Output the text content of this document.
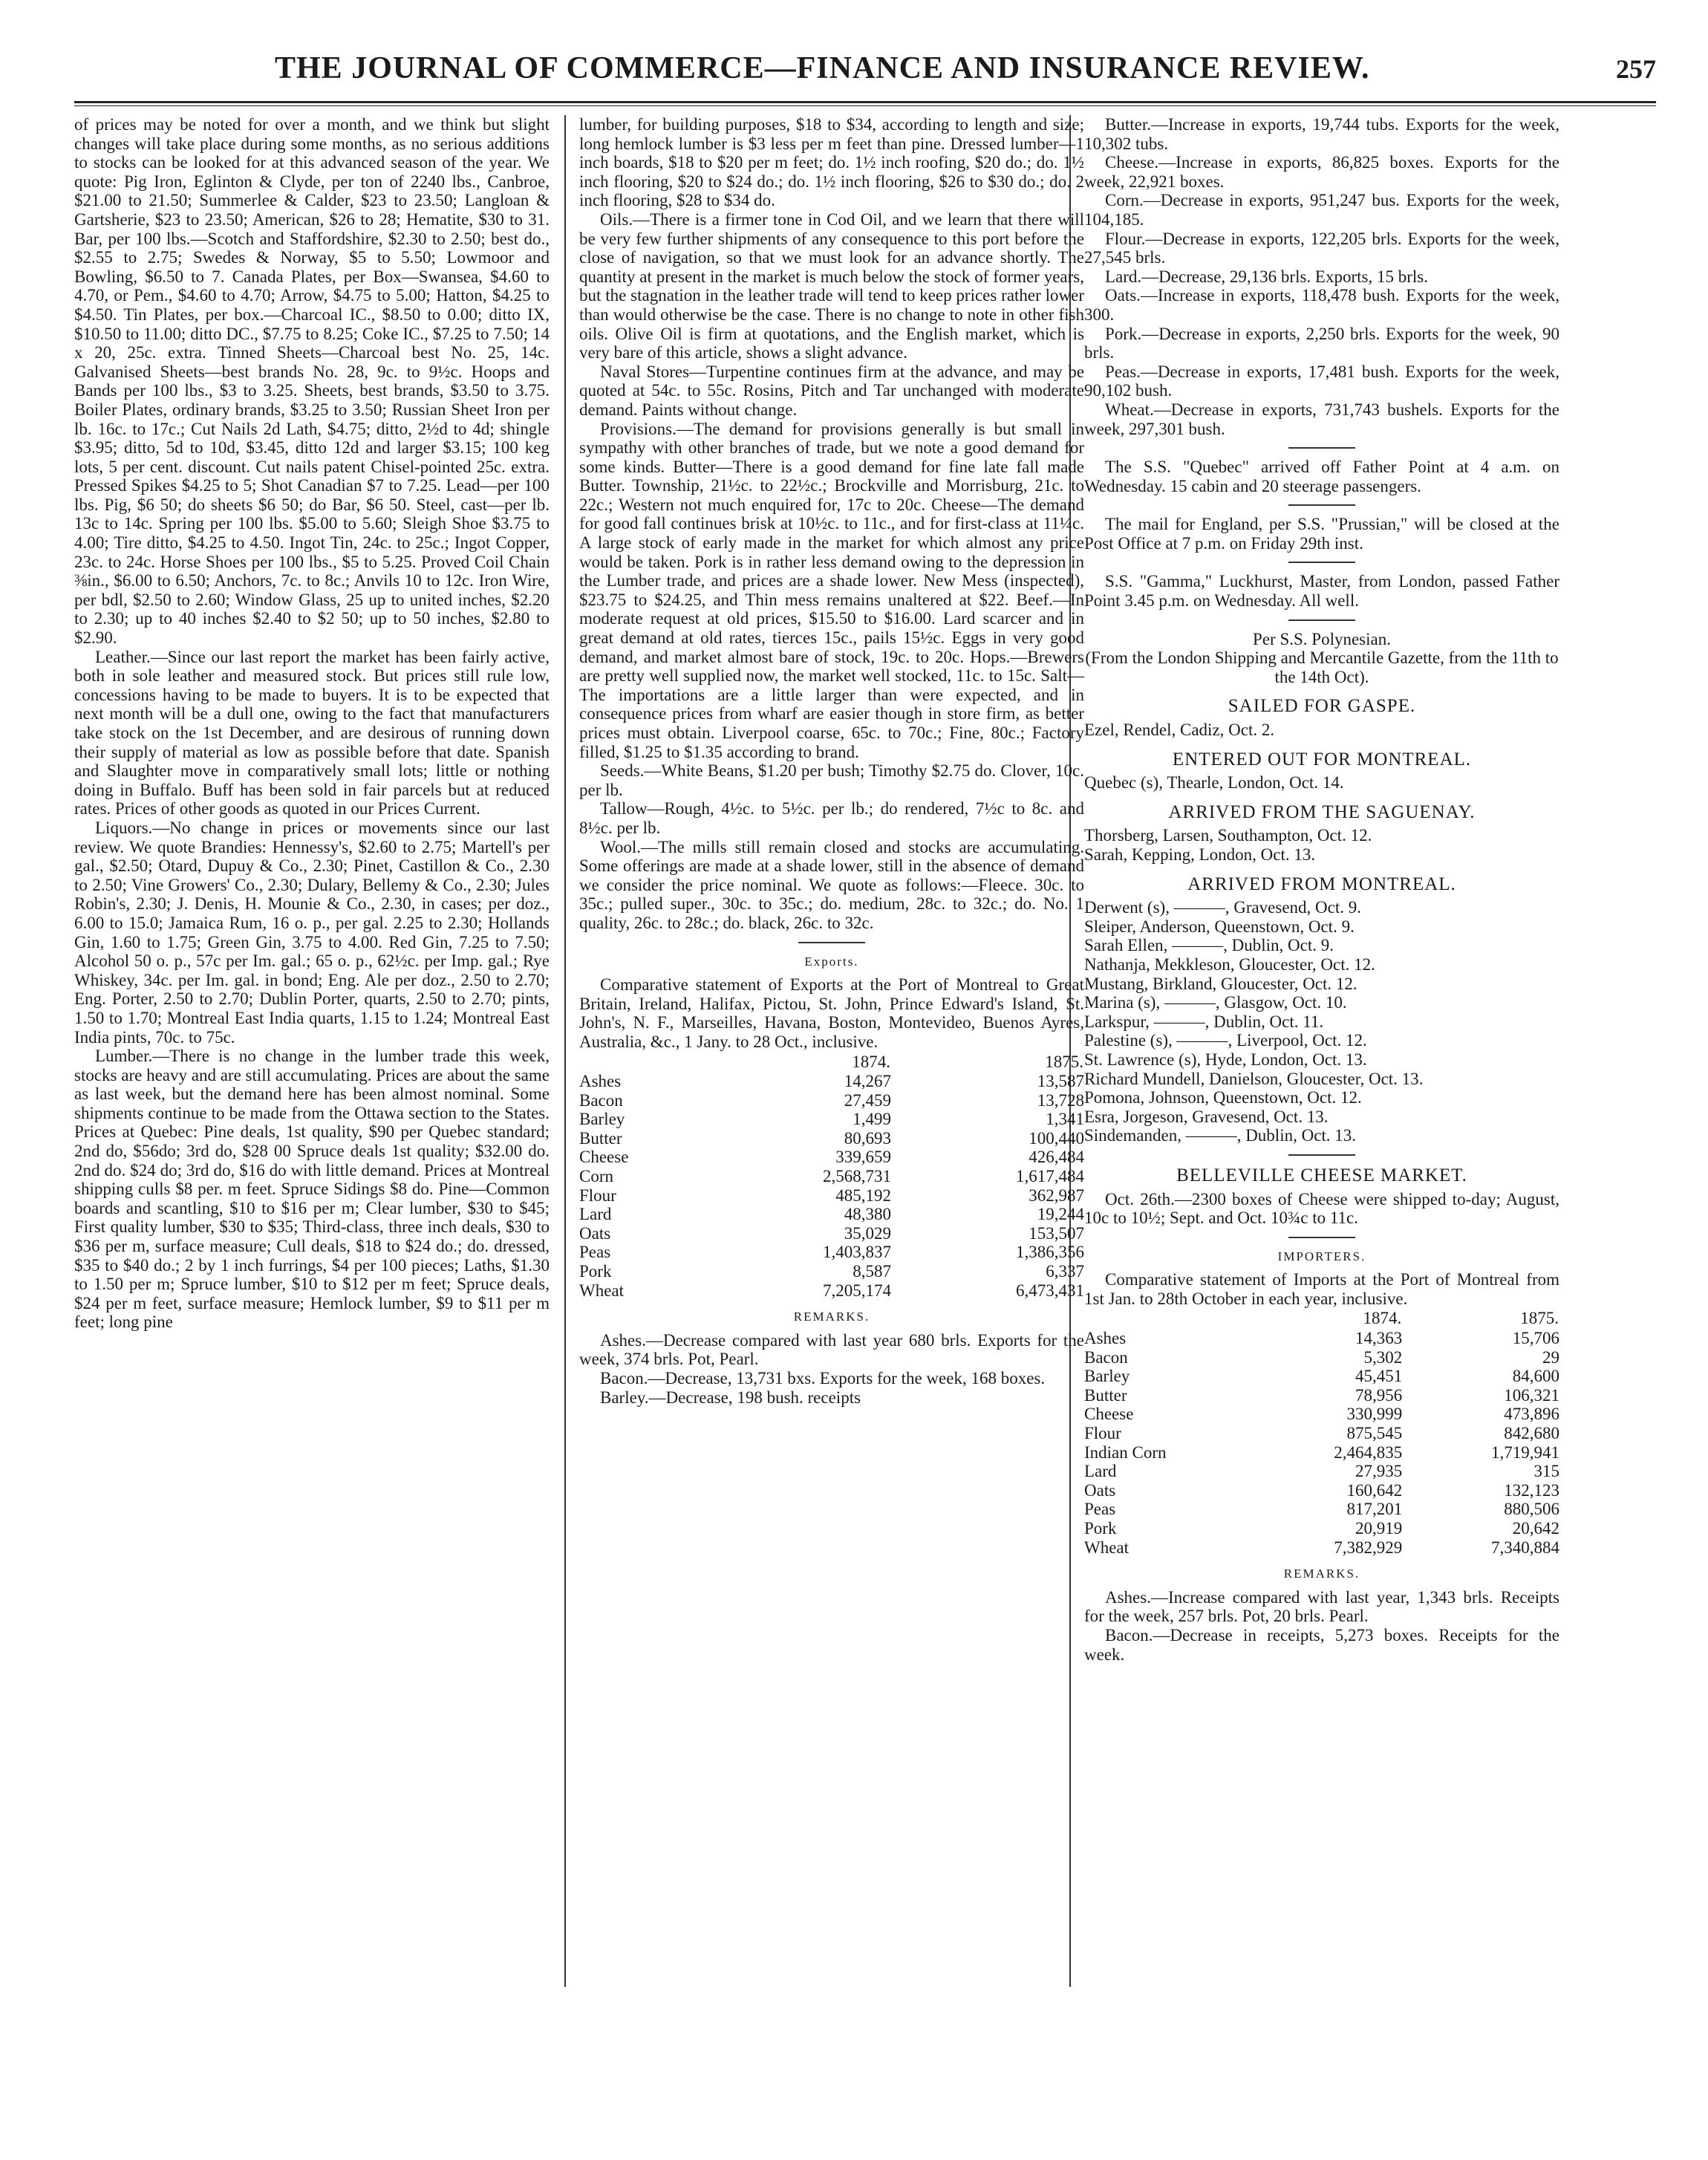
THE JOURNAL OF COMMERCE—FINANCE AND INSURANCE REVIEW.	257

of prices may be noted for over a month, and we think but slight changes will take place during some months, as no serious additions to stocks can be looked for at this advanced season of the year. We quote: Pig Iron, Eglinton & Clyde, per ton of 2240 lbs., Canbroe, $21.00 to 21.50; Summerlee & Calder, $23 to 23.50; Langloan & Gartsherie, $23 to 23.50; American, $26 to 28; Hematite, $30 to 31. Bar, per 100 lbs.—Scotch and Staffordshire, $2.30 to 2.50; best do., $2.55 to 2.75; Swedes & Norway, $5 to 5.50; Lowmoor and Bowling, $6.50 to 7. Canada Plates, per Box—Swansea, $4.60 to 4.70, or Pem., $4.60 to 4.70; Arrow, $4.75 to 5.00; Hatton, $4.25 to $4.50. Tin Plates, per box.—Charcoal IC., $8.50 to 0.00; ditto IX, $10.50 to 11.00; ditto DC., $7.75 to 8.25; Coke IC., $7.25 to 7.50; 14 x 20, 25c. extra. Tinned Sheets—Charcoal best No. 25, 14c. Galvanised Sheets—best brands No. 28, 9c. to 9½c. Hoops and Bands per 100 lbs., $3 to 3.25. Sheets, best brands, $3.50 to 3.75. Boiler Plates, ordinary brands, $3.25 to 3.50; Russian Sheet Iron per lb. 16c. to 17c.; Cut Nails 2d Lath, $4.75; ditto, 2½d to 4d; shingle $3.95; ditto, 5d to 10d, $3.45, ditto 12d and larger $3.15; 100 keg lots, 5 per cent. discount. Cut nails patent Chisel-pointed 25c. extra. Pressed Spikes $4.25 to 5; Shot Canadian $7 to 7.25. Lead—per 100 lbs. Pig, $6 50; do sheets $6 50; do Bar, $6 50. Steel, cast—per lb. 13c to 14c. Spring per 100 lbs. $5.00 to 5.60; Sleigh Shoe $3.75 to 4.00; Tire ditto, $4.25 to 4.50. Ingot Tin, 24c. to 25c.; Ingot Copper, 23c. to 24c. Horse Shoes per 100 lbs., $5 to 5.25. Proved Coil Chain ⅜in., $6.00 to 6.50; Anchors, 7c. to 8c.; Anvils 10 to 12c. Iron Wire, per bdl, $2.50 to 2.60; Window Glass, 25 up to united inches, $2.20 to 2.30; up to 40 inches $2.40 to $2 50; up to 50 inches, $2.80 to $2.90.

Leather.—Since our last report the market has been fairly active, both in sole leather and measured stock. But prices still rule low, concessions having to be made to buyers. It is to be expected that next month will be a dull one, owing to the fact that manufacturers take stock on the 1st December, and are desirous of running down their supply of material as low as possible before that date. Spanish and Slaughter move in comparatively small lots; little or nothing doing in Buffalo. Buff has been sold in fair parcels but at reduced rates. Prices of other goods as quoted in our Prices Current.

Liquors.—No change in prices or movements since our last review. We quote Brandies: Hennessy's, $2.60 to 2.75; Martell's per gal., $2.50; Otard, Dupuy & Co., 2.30; Pinet, Castillon & Co., 2.30 to 2.50; Vine Growers' Co., 2.30; Dulary, Bellemy & Co., 2.30; Jules Robin's, 2.30; J. Denis, H. Mounie & Co., 2.30, in cases; per doz., 6.00 to 15.0; Jamaica Rum, 16 o. p., per gal. 2.25 to 2.30; Hollands Gin, 1.60 to 1.75; Green Gin, 3.75 to 4.00. Red Gin, 7.25 to 7.50; Alcohol 50 o. p., 57c per Im. gal.; 65 o. p., 62½c. per Imp. gal.; Rye Whiskey, 34c. per Im. gal. in bond; Eng. Ale per doz., 2.50 to 2.70; Eng. Porter, 2.50 to 2.70; Dublin Porter, quarts, 2.50 to 2.70; pints, 1.50 to 1.70; Montreal East India quarts, 1.15 to 1.24; Montreal East India pints, 70c. to 75c.

Lumber.—There is no change in the lumber trade this week, stocks are heavy and are still accumulating. Prices are about the same as last week, but the demand here has been almost nominal. Some shipments continue to be made from the Ottawa section to the States. Prices at Quebec: Pine deals, 1st quality, $90 per Quebec standard; 2nd do, $56do; 3rd do, $28 00 Spruce deals 1st quality; $32.00 do. 2nd do. $24 do; 3rd do, $16 do with little demand. Prices at Montreal shipping culls $8 per. m feet. Spruce Sidings $8 do. Pine—Common boards and scantling, $10 to $16 per m; Clear lumber, $30 to $45; First quality lumber, $30 to $35; Third-class, three inch deals, $30 to $36 per m, surface measure; Cull deals, $18 to $24 do.; do. dressed, $35 to $40 do.; 2 by 1 inch furrings, $4 per 100 pieces; Laths, $1.30 to 1.50 per m; Spruce lumber, $10 to $12 per m feet; Spruce deals, $24 per m feet, surface measure; Hemlock lumber, $9 to $11 per m feet; long pine

lumber, for building purposes, $18 to $34, according to length and size; long hemlock lumber is $3 less per m feet than pine. Dressed lumber—1 inch boards, $18 to $20 per m feet; do. 1½ inch roofing, $20 do.; do. 1½ inch flooring, $20 to $24 do.; do. 1½ inch flooring, $26 to $30 do.; do. 2 inch flooring, $28 to $34 do.

Oils.—There is a firmer tone in Cod Oil, and we learn that there will be very few further shipments of any consequence to this port before the close of navigation, so that we must look for an advance shortly. The quantity at present in the market is much below the stock of former years, but the stagnation in the leather trade will tend to keep prices rather lower than would otherwise be the case. There is no change to note in other fish oils. Olive Oil is firm at quotations, and the English market, which is very bare of this article, shows a slight advance.

Naval Stores—Turpentine continues firm at the advance, and may be quoted at 54c. to 55c. Rosins, Pitch and Tar unchanged with moderate demand. Paints without change.

Provisions.—The demand for provisions generally is but small in sympathy with other branches of trade, but we note a good demand for some kinds. Butter—There is a good demand for fine late fall made Butter. Township, 21½c. to 22½c.; Brockville and Morrisburg, 21c. to 22c.; Western not much enquired for, 17c to 20c. Cheese—The demand for good fall continues brisk at 10½c. to 11c., and for first-class at 11¼c. A large stock of early made in the market for which almost any price would be taken. Pork is in rather less demand owing to the depression in the Lumber trade, and prices are a shade lower. New Mess (inspected), $23.75 to $24.25, and Thin mess remains unaltered at $22. Beef.—In moderate request at old prices, $15.50 to $16.00. Lard scarcer and in great demand at old rates, tierces 15c., pails 15½c. Eggs in very good demand, and market almost bare of stock, 19c. to 20c. Hops.—Brewers are pretty well supplied now, the market well stocked, 11c. to 15c. Salt—The importations are a little larger than were expected, and in consequence prices from wharf are easier though in store firm, as better prices must obtain. Liverpool coarse, 65c. to 70c.; Fine, 80c.; Factory filled, $1.25 to $1.35 according to brand.

Seeds.—White Beans, $1.20 per bush; Timothy $2.75 do. Clover, 10c. per lb.

Tallow—Rough, 4½c. to 5½c. per lb.; do rendered, 7½c to 8c. and 8½c. per lb.

Wool.—The mills still remain closed and stocks are accumulating. Some offerings are made at a shade lower, still in the absence of demand we consider the price nominal. We quote as follows:—Fleece. 30c. to 35c.; pulled super., 30c. to 35c.; do. medium, 28c. to 32c.; do. No. 1 quality, 26c. to 28c.; do. black, 26c. to 32c.

Exports.

Comparative statement of Exports at the Port of Montreal to Great Britain, Ireland, Halifax, Pictou, St. John, Prince Edward's Island, St. John's, N. F., Marseilles, Havana, Boston, Montevideo, Buenos Ayres, Australia, &c., 1 Jany. to 28 Oct., inclusive.

	1874.	1875.
Ashes	14,267	13,587
Bacon	27,459	13,728
Barley	1,499	1,341
Butter	80,693	100,440
Cheese	339,659	426,484
Corn	2,568,731	1,617,484
Flour	485,192	362,987
Lard	48,380	19,244
Oats	35,029	153,507
Peas	1,403,837	1,386,356
Pork	8,587	6,337
Wheat	7,205,174	6,473,431
REMARKS.

Ashes.—Decrease compared with last year 680 brls. Exports for the week, 374 brls. Pot, Pearl.

Bacon.—Decrease, 13,731 bxs. Exports for the week, 168 boxes.

Barley.—Decrease, 198 bush. receipts

Butter.—Increase in exports, 19,744 tubs. Exports for the week, 10,302 tubs.

Cheese.—Increase in exports, 86,825 boxes. Exports for the week, 22,921 boxes.

Corn.—Decrease in exports, 951,247 bus. Exports for the week, 104,185.

Flour.—Decrease in exports, 122,205 brls. Exports for the week, 27,545 brls.

Lard.—Decrease, 29,136 brls. Exports, 15 brls.

Oats.—Increase in exports, 118,478 bush. Exports for the week, 300.

Pork.—Decrease in exports, 2,250 brls. Exports for the week, 90 brls.

Peas.—Decrease in exports, 17,481 bush. Exports for the week, 90,102 bush.

Wheat.—Decrease in exports, 731,743 bushels. Exports for the week, 297,301 bush.

The S.S. "Quebec" arrived off Father Point at 4 a.m. on Wednesday. 15 cabin and 20 steerage passengers.

The mail for England, per S.S. "Prussian," will be closed at the Post Office at 7 p.m. on Friday 29th inst.

S.S. "Gamma," Luckhurst, Master, from London, passed Father Point 3.45 p.m. on Wednesday. All well.

Per S.S. Polynesian.

(From the London Shipping and Mercantile Gazette, from the 11th to the 14th Oct).

SAILED FOR GASPE.

Ezel, Rendel, Cadiz, Oct. 2.

ENTERED OUT FOR MONTREAL.

Quebec (s), Thearle, London, Oct. 14.

ARRIVED FROM THE SAGUENAY.

Thorsberg, Larsen, Southampton, Oct. 12.

Sarah, Kepping, London, Oct. 13.

ARRIVED FROM MONTREAL.

Derwent (s), ———, Gravesend, Oct. 9.

Sleiper, Anderson, Queenstown, Oct. 9.

Sarah Ellen, ———, Dublin, Oct. 9.

Nathanja, Mekkleson, Gloucester, Oct. 12.

Mustang, Birkland, Gloucester, Oct. 12.

Marina (s), ———, Glasgow, Oct. 10.

Larkspur, ———, Dublin, Oct. 11.

Palestine (s), ———, Liverpool, Oct. 12.

St. Lawrence (s), Hyde, London, Oct. 13.

Richard Mundell, Danielson, Gloucester, Oct. 13.

Pomona, Johnson, Queenstown, Oct. 12.

Esra, Jorgeson, Gravesend, Oct. 13.

Sindemanden, ———, Dublin, Oct. 13.

BELLEVILLE CHEESE MARKET.

Oct. 26th.—2300 boxes of Cheese were shipped to-day; August, 10c to 10½; Sept. and Oct. 10¾c to 11c.

IMPORTERS.

Comparative statement of Imports at the Port of Montreal from 1st Jan. to 28th October in each year, inclusive.

	1874.	1875.
Ashes	14,363	15,706
Bacon	5,302	29
Barley	45,451	84,600
Butter	78,956	106,321
Cheese	330,999	473,896
Flour	875,545	842,680
Indian Corn	2,464,835	1,719,941
Lard	27,935	315
Oats	160,642	132,123
Peas	817,201	880,506
Pork	20,919	20,642
Wheat	7,382,929	7,340,884
REMARKS.

Ashes.—Increase compared with last year, 1,343 brls. Receipts for the week, 257 brls. Pot, 20 brls. Pearl.

Bacon.—Decrease in receipts, 5,273 boxes. Receipts for the week.
